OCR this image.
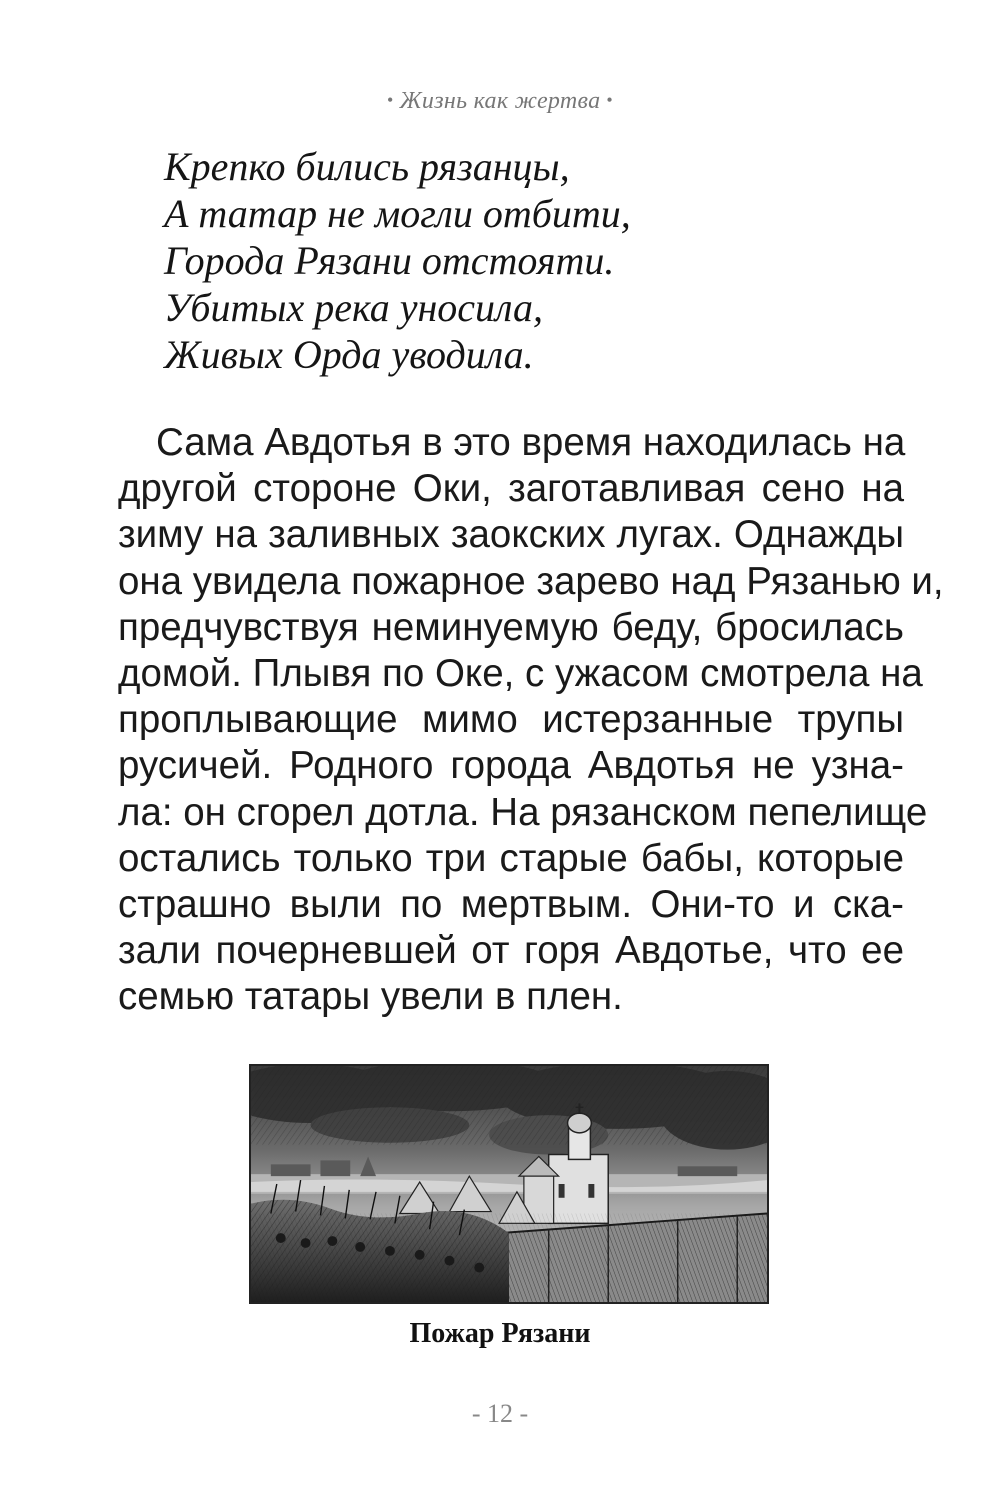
• Жизнь как жертва •
Крепко бились рязанцы,
А татар не могли отбити,
Города Рязани отстояти.
Убитых река уносила,
Живых Орда уводила.
Сама Авдотья в это время находилась на
другой стороне Оки, заготавливая сено на
зиму на заливных заокских лугах. Однажды
она увидела пожарное зарево над Рязанью и,
предчувствуя неминуемую беду, бросилась
домой. Плывя по Оке, с ужасом смотрела на
проплывающие мимо истерзанные трупы
русичей. Родного города Авдотья не узна-
ла: он сгорел дотла. На рязанском пепелище
остались только три старые бабы, которые
страшно выли по мертвым. Они-то и ска-
зали почерневшей от горя Авдотье, что ее
семью татары увели в плен.
Пожар Рязани
- 12 -
